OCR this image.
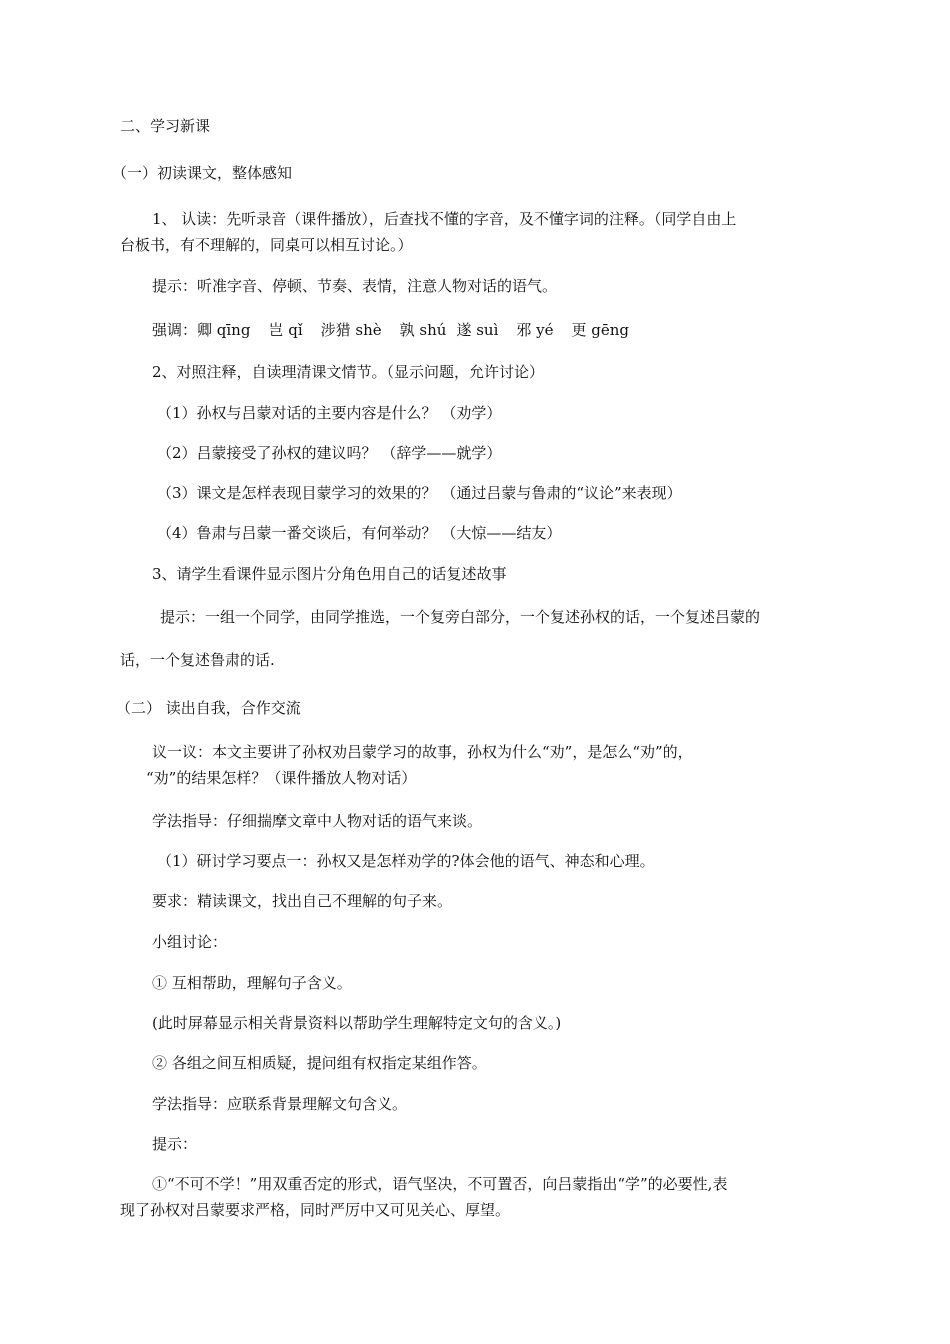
二、学习新课
（一）初读课文，整体感知
1、 认读：先听录音（课件播放），后查找不懂的字音，及不懂字词的注释。（同学自由上
台板书，有不理解的，同桌可以相互讨论。）
提示：听准字音、停顿、节奏、表情，注意人物对话的语气。
强调：卿 qīng 岂 qǐ 涉猎 shè 孰 shú 遂 suì 邪 yé 更 gēng
2、对照注释，自读理清课文情节。（显示问题，允许讨论）
（1）孙权与吕蒙对话的主要内容是什么？ （劝学）
（2）吕蒙接受了孙权的建议吗？ （辞学——就学）
（3）课文是怎样表现目蒙学习的效果的？ （通过吕蒙与鲁肃的“议论”来表现）
（4）鲁肃与吕蒙一番交谈后，有何举动？ （大惊——结友）
3、请学生看课件显示图片分角色用自己的话复述故事
提示：一组一个同学，由同学推选，一个复旁白部分，一个复述孙权的话，一个复述吕蒙的
话，一个复述鲁肃的话.
（二） 读出自我，合作交流
议一议：本文主要讲了孙权劝吕蒙学习的故事，孙权为什么“劝”，是怎么“劝”的，
“劝”的结果怎样？（课件播放人物对话）
学法指导：仔细揣摩文章中人物对话的语气来谈。
（1）研讨学习要点一：孙权又是怎样劝学的?体会他的语气、神态和心理。
要求：精读课文，找出自己不理解的句子来。
小组讨论：
① 互相帮助，理解句子含义。
(此时屏幕显示相关背景资料以帮助学生理解特定文句的含义。)
② 各组之间互相质疑，提问组有权指定某组作答。
学法指导：应联系背景理解文句含义。
提示：
①“不可不学！”用双重否定的形式，语气坚决，不可置否，向吕蒙指出“学”的必要性,表
现了孙权对吕蒙要求严格，同时严厉中又可见关心、厚望。
